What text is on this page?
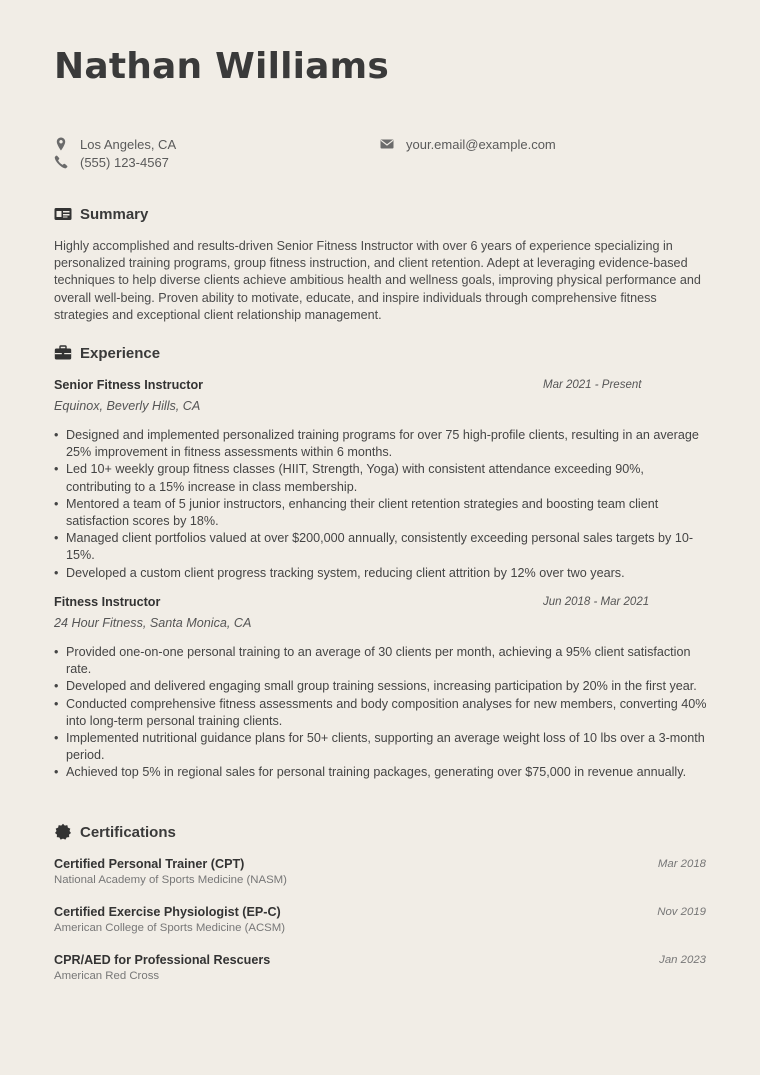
Nathan Williams
Los Angeles, CA
(555) 123-4567
your.email@example.com
Summary
Highly accomplished and results-driven Senior Fitness Instructor with over 6 years of experience specializing in personalized training programs, group fitness instruction, and client retention. Adept at leveraging evidence-based techniques to help diverse clients achieve ambitious health and wellness goals, improving physical performance and overall well-being. Proven ability to motivate, educate, and inspire individuals through comprehensive fitness strategies and exceptional client relationship management.
Experience
Senior Fitness Instructor	Mar 2021 - Present
Equinox, Beverly Hills, CA
• Designed and implemented personalized training programs for over 75 high-profile clients, resulting in an average 25% improvement in fitness assessments within 6 months.
• Led 10+ weekly group fitness classes (HIIT, Strength, Yoga) with consistent attendance exceeding 90%, contributing to a 15% increase in class membership.
• Mentored a team of 5 junior instructors, enhancing their client retention strategies and boosting team client satisfaction scores by 18%.
• Managed client portfolios valued at over $200,000 annually, consistently exceeding personal sales targets by 10-15%.
• Developed a custom client progress tracking system, reducing client attrition by 12% over two years.
Fitness Instructor	Jun 2018 - Mar 2021
24 Hour Fitness, Santa Monica, CA
• Provided one-on-one personal training to an average of 30 clients per month, achieving a 95% client satisfaction rate.
• Developed and delivered engaging small group training sessions, increasing participation by 20% in the first year.
• Conducted comprehensive fitness assessments and body composition analyses for new members, converting 40% into long-term personal training clients.
• Implemented nutritional guidance plans for 50+ clients, supporting an average weight loss of 10 lbs over a 3-month period.
• Achieved top 5% in regional sales for personal training packages, generating over $75,000 in revenue annually.
Certifications
Certified Personal Trainer (CPT)
National Academy of Sports Medicine (NASM)
Mar 2018
Certified Exercise Physiologist (EP-C)
American College of Sports Medicine (ACSM)
Nov 2019
CPR/AED for Professional Rescuers
American Red Cross
Jan 2023
